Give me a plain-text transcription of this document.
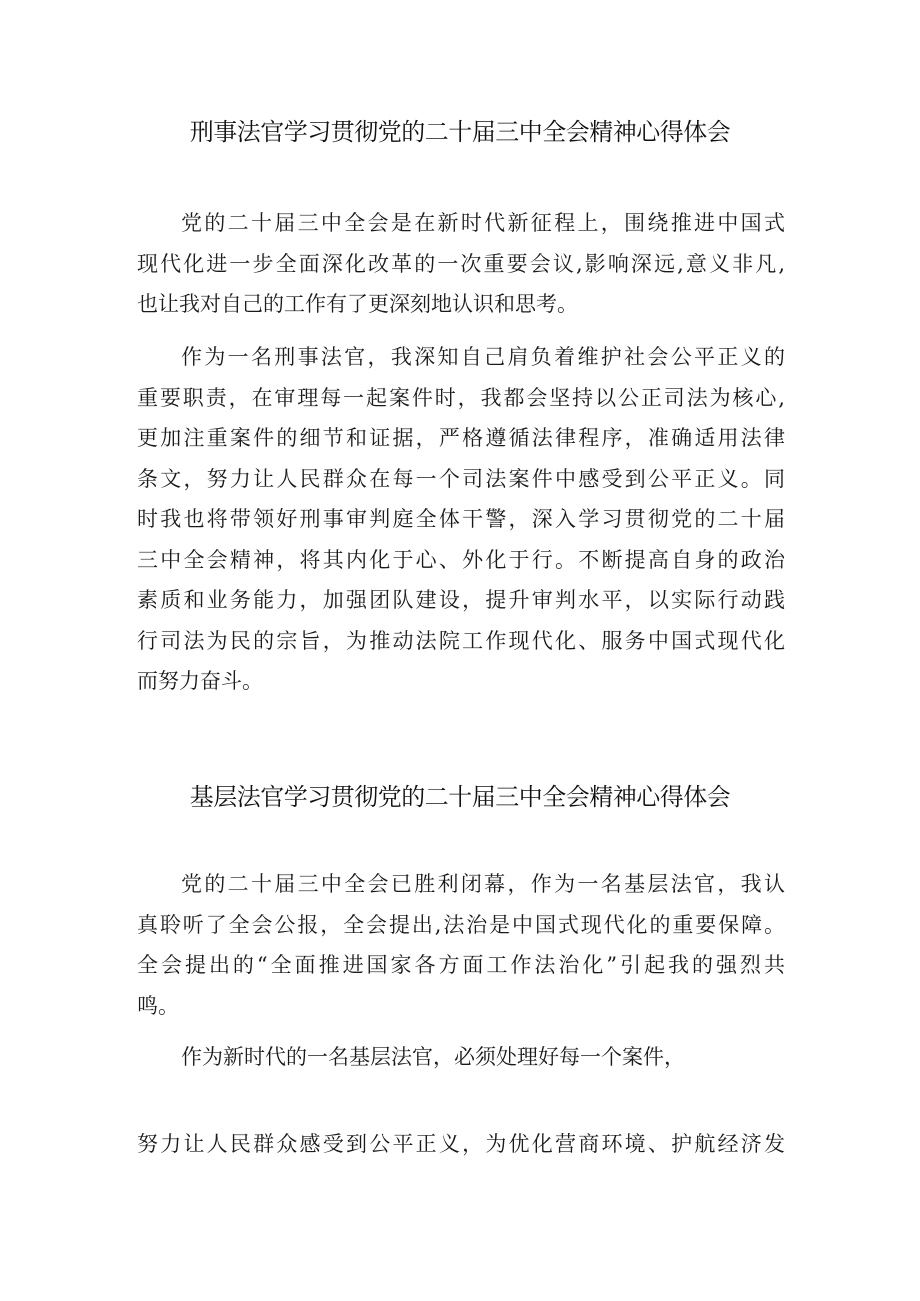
刑事法官学习贯彻党的二十届三中全会精神心得体会

党的二十届三中全会是在新时代新征程上，围绕推进中国式
现代化进一步全面深化改革的一次重要会议,影响深远,意义非凡,
也让我对自己的工作有了更深刻地认识和思考。

作为一名刑事法官，我深知自己肩负着维护社会公平正义的
重要职责，在审理每一起案件时，我都会坚持以公正司法为核心,
更加注重案件的细节和证据，严格遵循法律程序，准确适用法律
条文，努力让人民群众在每一个司法案件中感受到公平正义。同
时我也将带领好刑事审判庭全体干警，深入学习贯彻党的二十届
三中全会精神，将其内化于心、外化于行。不断提高自身的政治
素质和业务能力，加强团队建设，提升审判水平，以实际行动践
行司法为民的宗旨，为推动法院工作现代化、服务中国式现代化
而努力奋斗。

基层法官学习贯彻党的二十届三中全会精神心得体会

党的二十届三中全会已胜利闭幕，作为一名基层法官，我认
真聆听了全会公报，全会提出,法治是中国式现代化的重要保障。
全会提出的“全面推进国家各方面工作法治化”引起我的强烈共
鸣。

作为新时代的一名基层法官，必须处理好每一个案件，

努力让人民群众感受到公平正义，为优化营商环境、护航经济发
